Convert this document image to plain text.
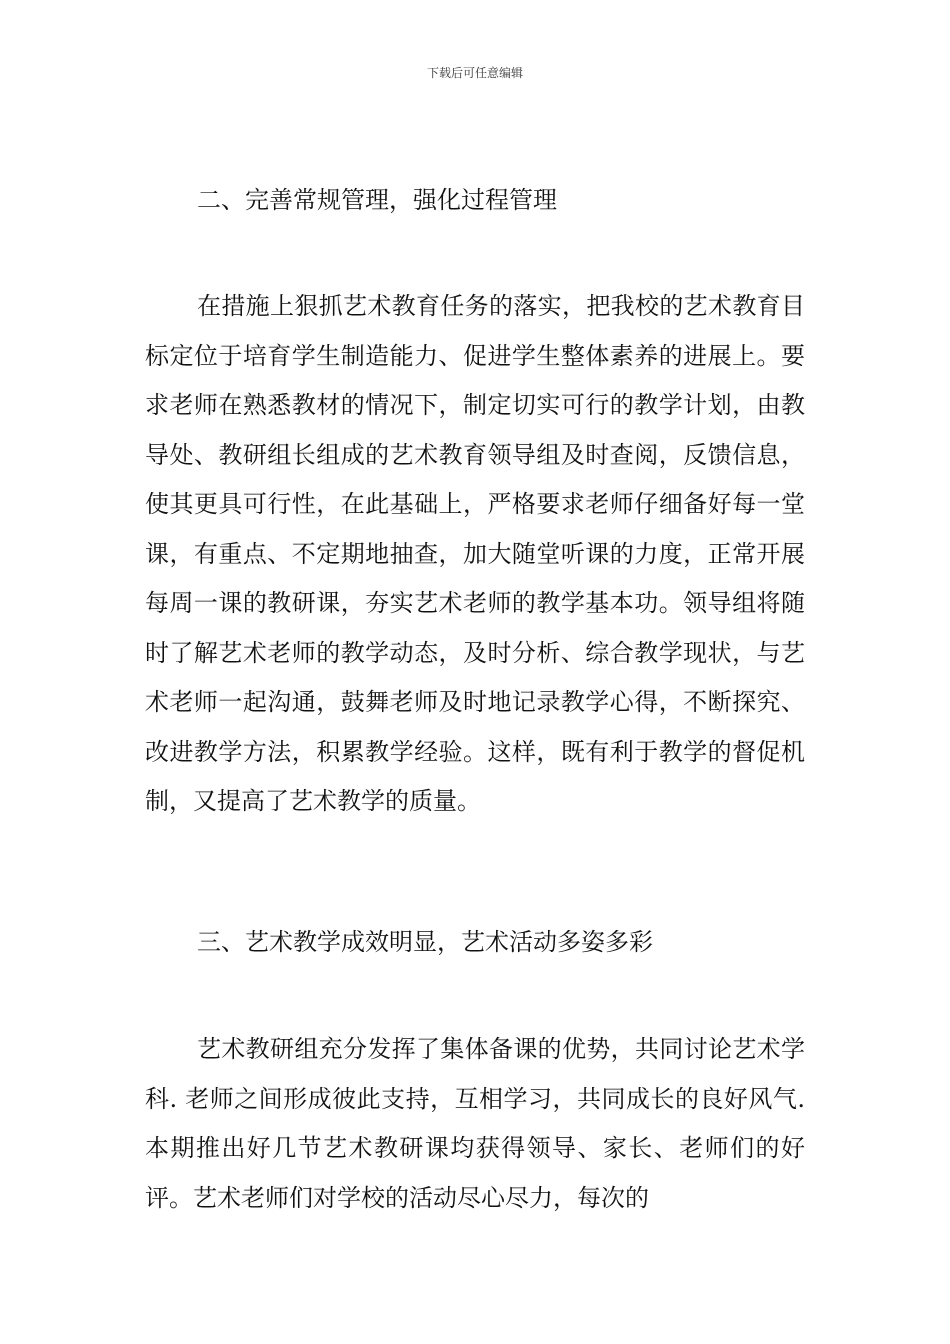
下载后可任意编辑
二、完善常规管理，强化过程管理

在措施上狠抓艺术教育任务的落实，把我校的艺术教育目标定位于培育学生制造能力、促进学生整体素养的进展上。要求老师在熟悉教材的情况下，制定切实可行的教学计划，由教导处、教研组长组成的艺术教育领导组及时查阅，反馈信息，使其更具可行性，在此基础上，严格要求老师仔细备好每一堂课，有重点、不定期地抽查，加大随堂听课的力度，正常开展每周一课的教研课，夯实艺术老师的教学基本功。领导组将随时了解艺术老师的教学动态，及时分析、综合教学现状，与艺术老师一起沟通，鼓舞老师及时地记录教学心得，不断探究、改进教学方法，积累教学经验。这样，既有利于教学的督促机制，又提高了艺术教学的质量。

三、艺术教学成效明显，艺术活动多姿多彩

艺术教研组充分发挥了集体备课的优势，共同讨论艺术学科. 老师之间形成彼此支持，互相学习，共同成长的良好风气. 本期推出好几节艺术教研课均获得领导、家长、老师们的好评。艺术老师们对学校的活动尽心尽力，每次的
